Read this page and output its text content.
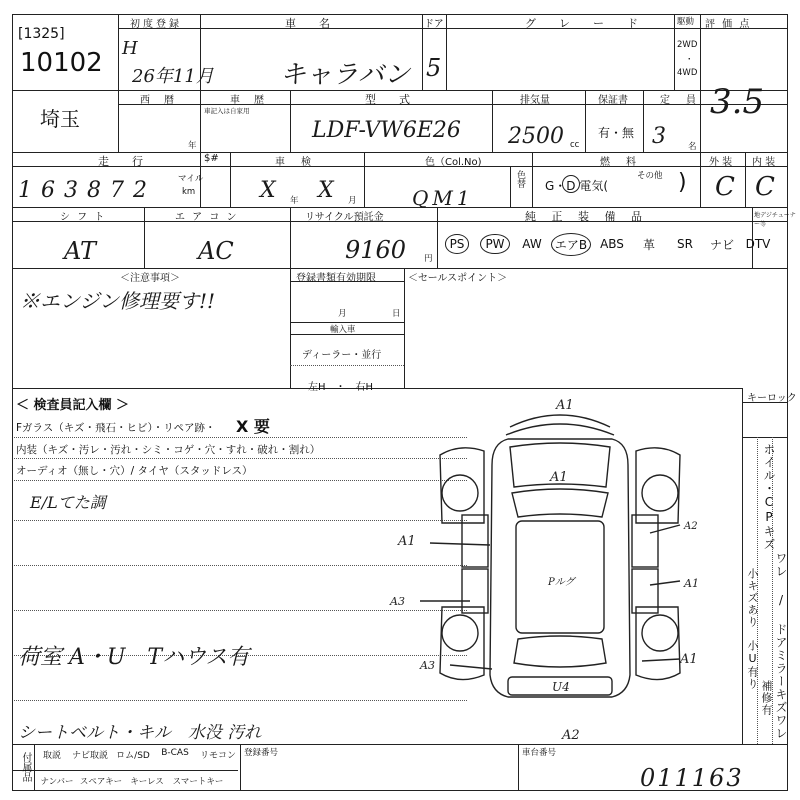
[1325]
10102
初度登録
H
26年11月
車　名
キャラバン
ドア
5
グ　レ　ー　ド	駆動
2WD
・
4WD
評 価 点
3.5
埼玉
西　暦
年
車　歴
車記入は自家用
型　式
LDF-VW6E26
排気量
2500 cc
保証書
有・無
定　員
3	名
走　行
163872	マイル
km
$#	車　検
X 年 X 月
色（Col.No)
QM1
色替
燃　料
G・D 電気(
その他 )
外 装
C
内 装
C
シ フ ト
AT
エ ア コ ン
AC
リサイクル預託金
9160 円
純 正 装 備 品	地デジチューナー等
PS	PW	AW	エアB	ABS 革 SR ナビ DTV
＜注意事項＞
※エンジン修理要す!!
登録書類有効期限
月	日
輸入車
ディーラー・並行
左H　・　右H
＜セールスポイント＞
＜ 検査員記入欄 ＞
Fガラス（キズ・飛石・ヒビ）・リペア跡・ X 要
内装（キズ・汚レ・汚れ・シミ・コゲ・穴・すれ・破れ・割れ）
オーディオ（無し・穴）/ タイヤ（スタッドレス）
E/Lてた調
荷室 A・U　Tハウス有
シートベルト・キル　水没 汚れ
キーロック
A1
A1
A1
A2
A1
A3
A3	A1
U4
A2
Pルグ
ホイル・CPキズ
ワレ / ドアミラーキズワレ
小キズあり
小U有り
補修有
付属品	取説	ナビ取説 ロム/SD	B-CAS	リモコン
ナンバー スペアキー キーレス	スマートキー
登録番号	車台番号
011163
